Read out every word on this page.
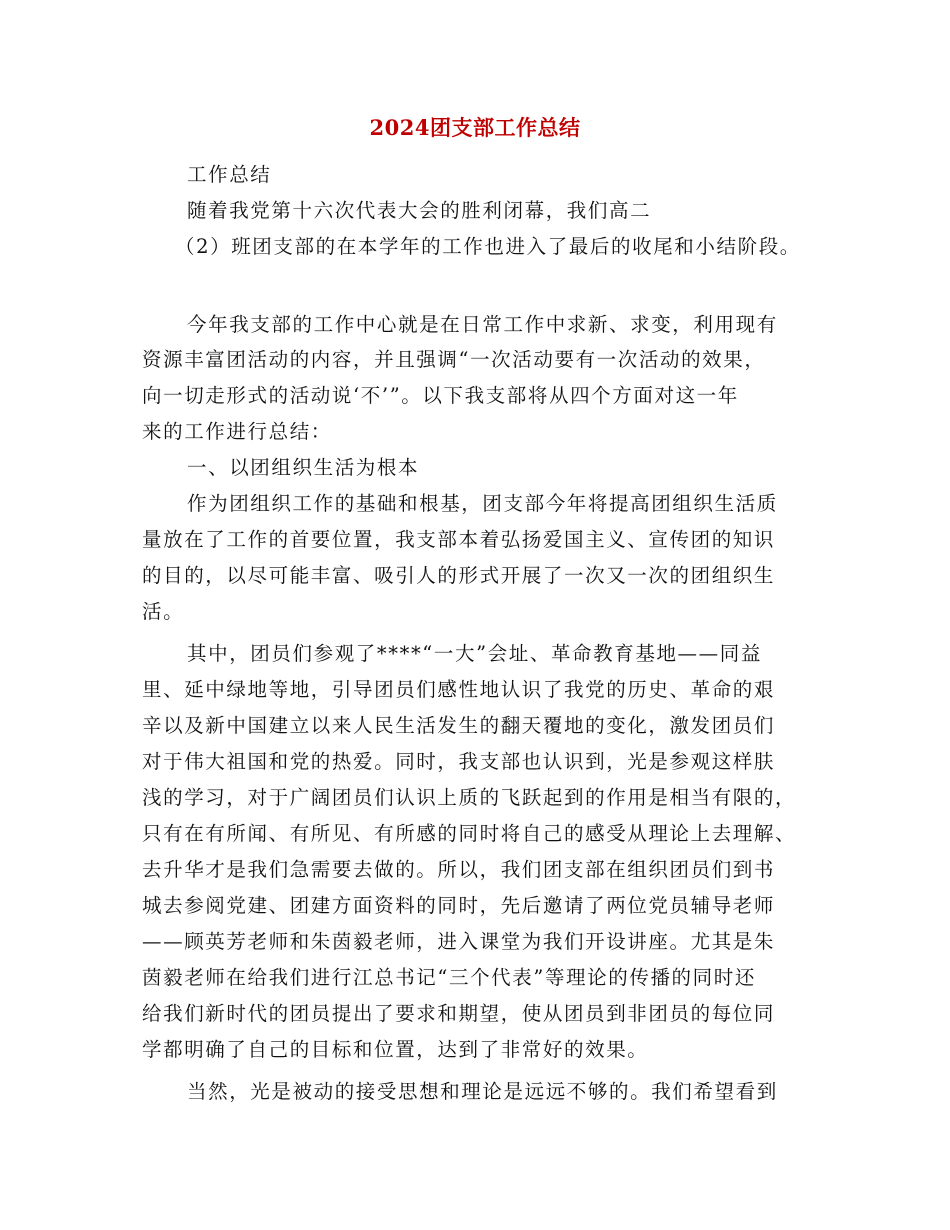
2024团支部工作总结
工作总结
随着我党第十六次代表大会的胜利闭幕，我们高二
（2）班团支部的在本学年的工作也进入了最后的收尾和小结阶段。
今年我支部的工作中心就是在日常工作中求新、求变，利用现有
资源丰富团活动的内容，并且强调“一次活动要有一次活动的效果，
向一切走形式的活动说‘不’”。以下我支部将从四个方面对这一年
来的工作进行总结：
一、以团组织生活为根本
作为团组织工作的基础和根基，团支部今年将提高团组织生活质
量放在了工作的首要位置，我支部本着弘扬爱国主义、宣传团的知识
的目的，以尽可能丰富、吸引人的形式开展了一次又一次的团组织生
活。
其中，团员们参观了****“一大”会址、革命教育基地——同益
里、延中绿地等地，引导团员们感性地认识了我党的历史、革命的艰
辛以及新中国建立以来人民生活发生的翻天覆地的变化，激发团员们
对于伟大祖国和党的热爱。同时，我支部也认识到，光是参观这样肤
浅的学习，对于广阔团员们认识上质的飞跃起到的作用是相当有限的，
只有在有所闻、有所见、有所感的同时将自己的感受从理论上去理解、
去升华才是我们急需要去做的。所以，我们团支部在组织团员们到书
城去参阅党建、团建方面资料的同时，先后邀请了两位党员辅导老师
——顾英芳老师和朱茵毅老师，进入课堂为我们开设讲座。尤其是朱
茵毅老师在给我们进行江总书记“三个代表”等理论的传播的同时还
给我们新时代的团员提出了要求和期望，使从团员到非团员的每位同
学都明确了自己的目标和位置，达到了非常好的效果。
当然，光是被动的接受思想和理论是远远不够的。我们希望看到
